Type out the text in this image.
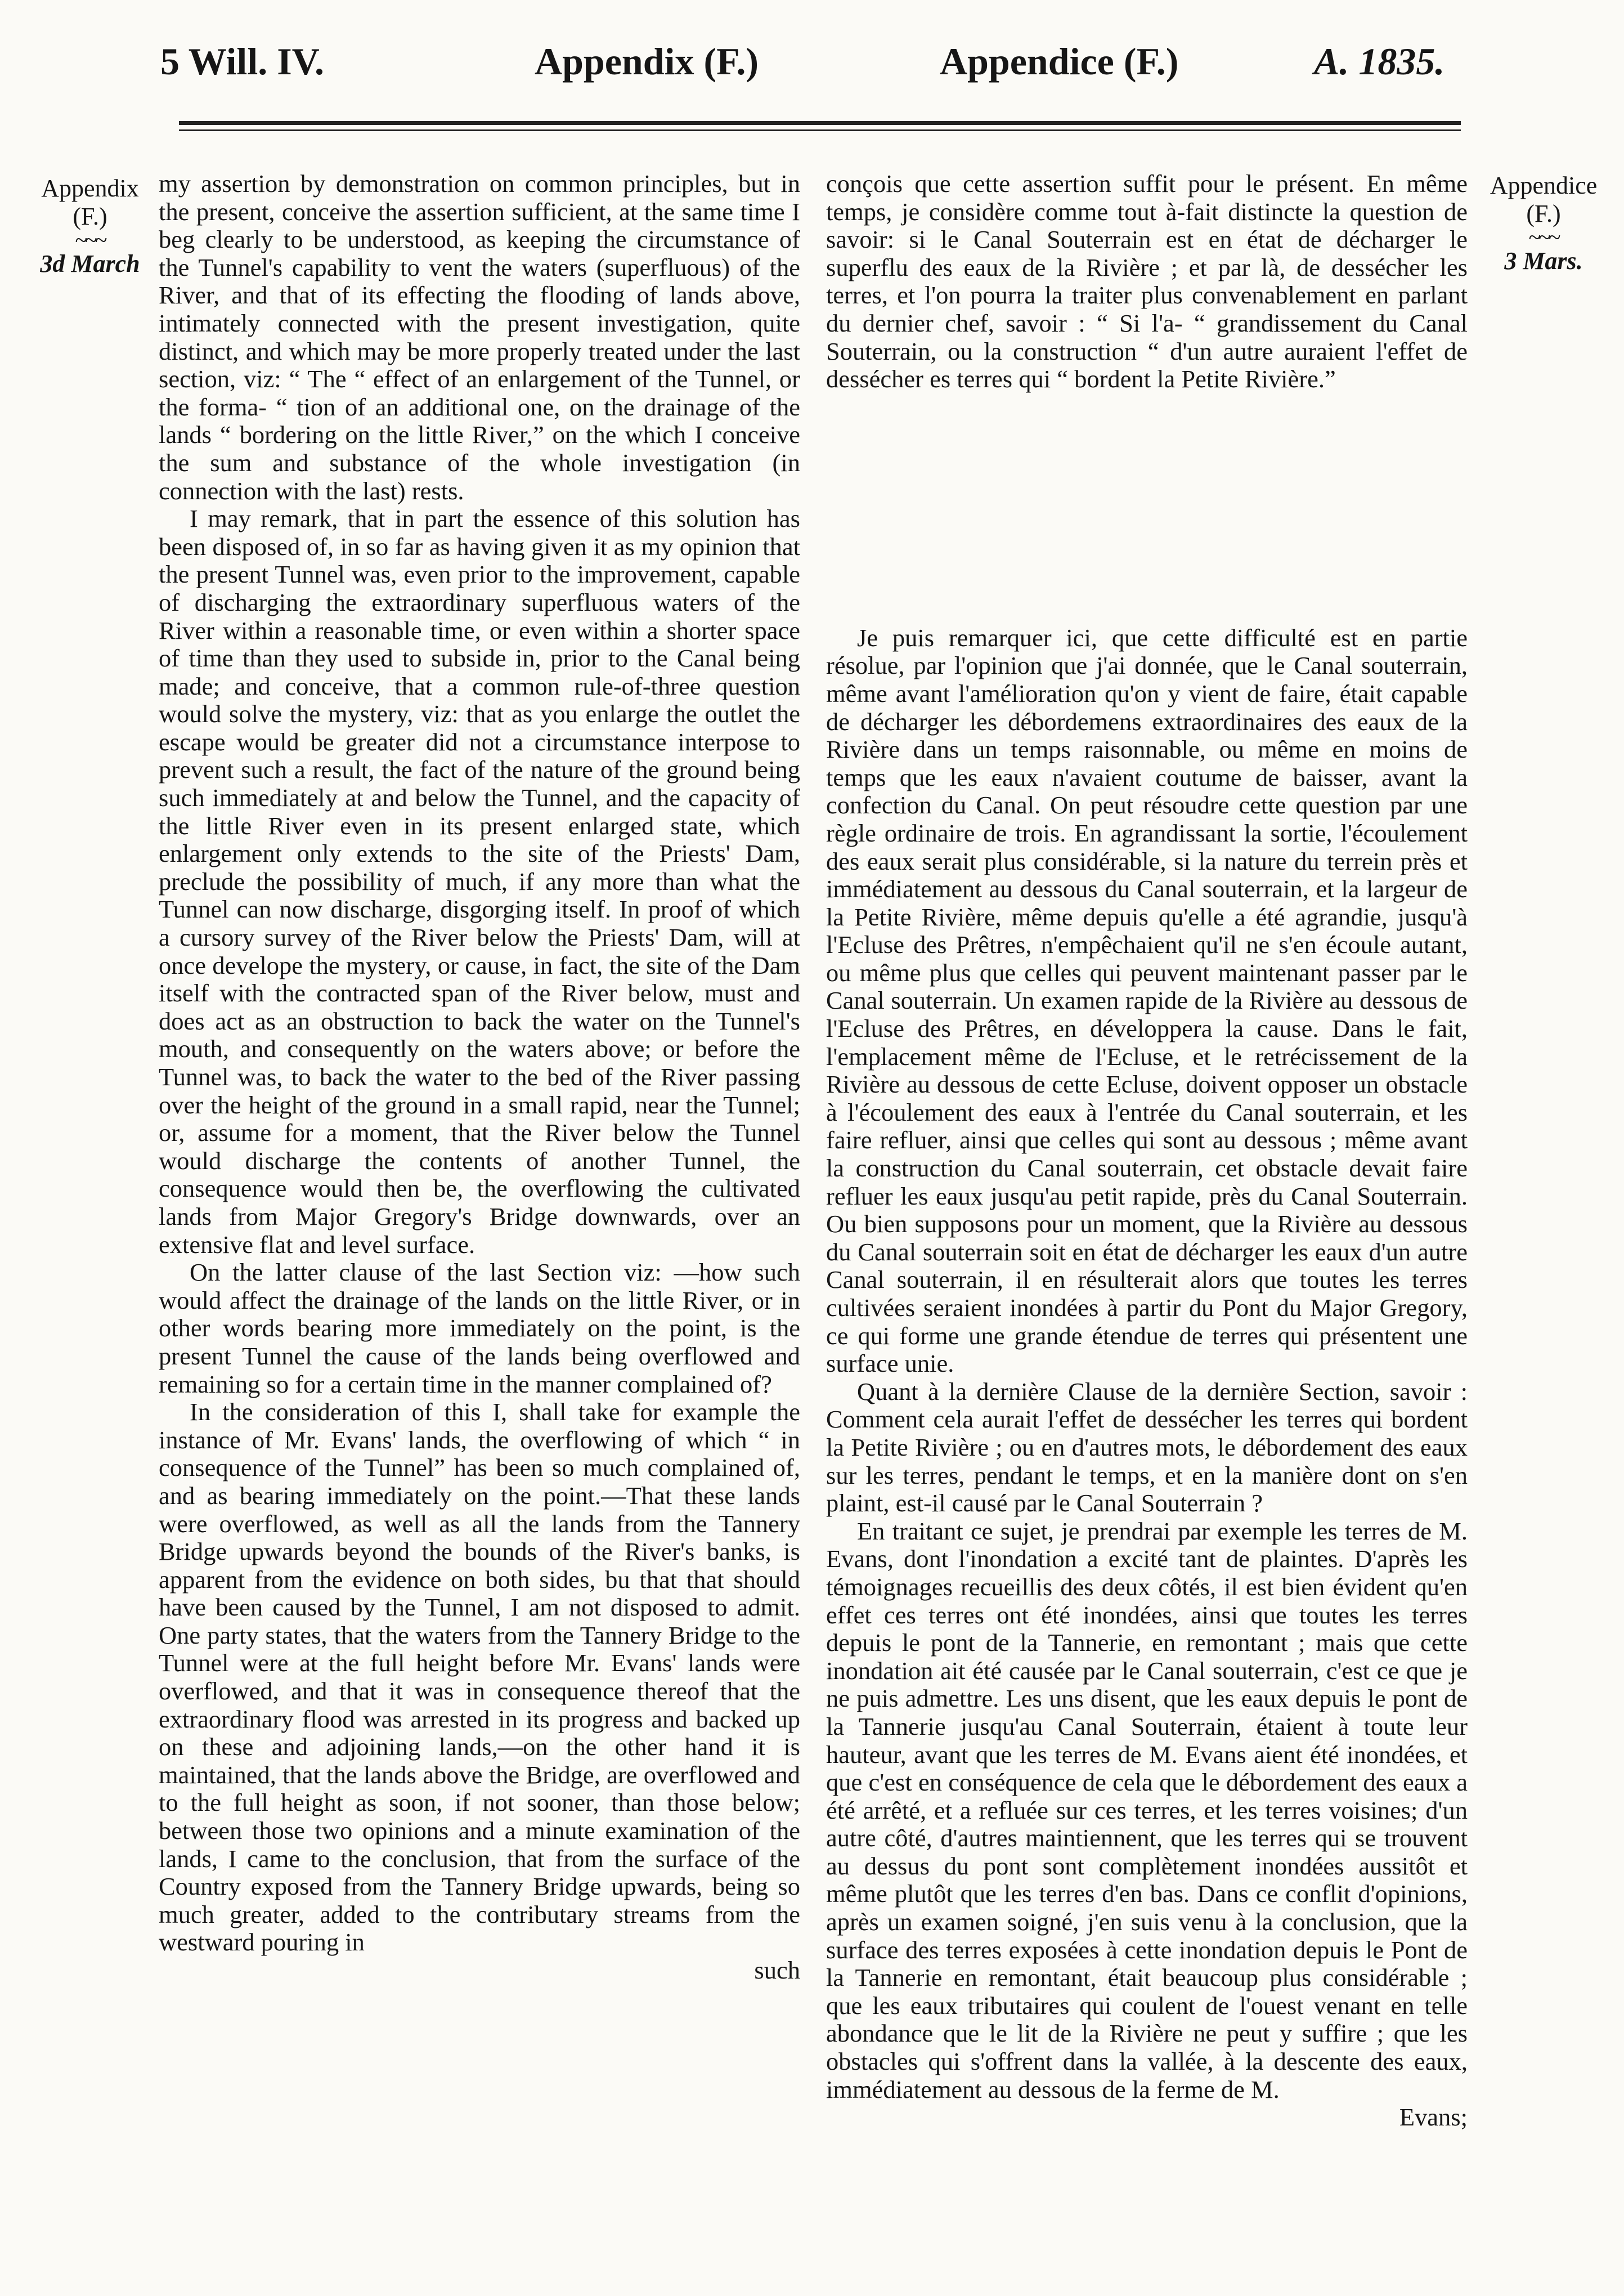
5 Will. IV.	Appendix (F.)	Appendice (F.)	A. 1835.
Appendix
(F.)
~~~
3d March
Appendice
(F.)
~~~
3 Mars.

my assertion by demonstration on common principles, but in the present, conceive the assertion sufficient, at the same time I beg clearly to be understood, as keeping the circumstance of the Tunnel's capability to vent the waters (superfluous) of the River, and that of its effecting the flooding of lands above, intimately connected with the present investigation, quite distinct, and which may be more properly treated under the last section, viz: “ The “ effect of an enlargement of the Tunnel, or the forma- “ tion of an additional one, on the drainage of the lands “ bordering on the little River,” on the which I conceive the sum and substance of the whole investigation (in connection with the last) rests.

I may remark, that in part the essence of this solution has been disposed of, in so far as having given it as my opinion that the present Tunnel was, even prior to the improvement, capable of discharging the extraordinary superfluous waters of the River within a reasonable time, or even within a shorter space of time than they used to subside in, prior to the Canal being made; and conceive, that a common rule-of-three question would solve the mystery, viz: that as you enlarge the outlet the escape would be greater did not a circumstance interpose to prevent such a result, the fact of the nature of the ground being such immediately at and below the Tunnel, and the capacity of the little River even in its present enlarged state, which enlargement only extends to the site of the Priests' Dam, preclude the possibility of much, if any more than what the Tunnel can now discharge, disgorging itself. In proof of which a cursory survey of the River below the Priests' Dam, will at once develope the mystery, or cause, in fact, the site of the Dam itself with the contracted span of the River below, must and does act as an obstruction to back the water on the Tunnel's mouth, and consequently on the waters above; or before the Tunnel was, to back the water to the bed of the River passing over the height of the ground in a small rapid, near the Tunnel; or, assume for a moment, that the River below the Tunnel would discharge the contents of another Tunnel, the consequence would then be, the overflowing the cultivated lands from Major Gregory's Bridge downwards, over an extensive flat and level surface.

On the latter clause of the last Section viz: —how such would affect the drainage of the lands on the little River, or in other words bearing more immediately on the point, is the present Tunnel the cause of the lands being overflowed and remaining so for a certain time in the manner complained of?

In the consideration of this I, shall take for example the instance of Mr. Evans' lands, the overflowing of which “ in consequence of the Tunnel” has been so much complained of, and as bearing immediately on the point.—That these lands were overflowed, as well as all the lands from the Tannery Bridge upwards beyond the bounds of the River's banks, is apparent from the evidence on both sides, bu that that should have been caused by the Tunnel, I am not disposed to admit. One party states, that the waters from the Tannery Bridge to the Tunnel were at the full height before Mr. Evans' lands were overflowed, and that it was in consequence thereof that the extraordinary flood was arrested in its progress and backed up on these and adjoining lands,—on the other hand it is maintained, that the lands above the Bridge, are overflowed and to the full height as soon, if not sooner, than those below; between those two opinions and a minute examination of the lands, I came to the conclusion, that from the surface of the Country exposed from the Tannery Bridge upwards, being so much greater, added to the contributary streams from the westward pouring in

such

conçois que cette assertion suffit pour le présent. En même temps, je considère comme tout à-fait distincte la question de savoir: si le Canal Souterrain est en état de décharger le superflu des eaux de la Rivière ; et par là, de dessécher les terres, et l'on pourra la traiter plus convenablement en parlant du dernier chef, savoir : “ Si l'a- “ grandissement du Canal Souterrain, ou la construction “ d'un autre auraient l'effet de dessécher es terres qui “ bordent la Petite Rivière.”

Je puis remarquer ici, que cette difficulté est en partie résolue, par l'opinion que j'ai donnée, que le Canal souterrain, même avant l'amélioration qu'on y vient de faire, était capable de décharger les débordemens extraordinaires des eaux de la Rivière dans un temps raisonnable, ou même en moins de temps que les eaux n'avaient coutume de baisser, avant la confection du Canal. On peut résoudre cette question par une règle ordinaire de trois. En agrandissant la sortie, l'écoulement des eaux serait plus considérable, si la nature du terrein près et immédiatement au dessous du Canal souterrain, et la largeur de la Petite Rivière, même depuis qu'elle a été agrandie, jusqu'à l'Ecluse des Prêtres, n'empêchaient qu'il ne s'en écoule autant, ou même plus que celles qui peuvent maintenant passer par le Canal souterrain. Un examen rapide de la Rivière au dessous de l'Ecluse des Prêtres, en développera la cause. Dans le fait, l'emplacement même de l'Ecluse, et le retrécissement de la Rivière au dessous de cette Ecluse, doivent opposer un obstacle à l'écoulement des eaux à l'entrée du Canal souterrain, et les faire refluer, ainsi que celles qui sont au dessous ; même avant la construction du Canal souterrain, cet obstacle devait faire refluer les eaux jusqu'au petit rapide, près du Canal Souterrain. Ou bien supposons pour un moment, que la Rivière au dessous du Canal souterrain soit en état de décharger les eaux d'un autre Canal souterrain, il en résulterait alors que toutes les terres cultivées seraient inondées à partir du Pont du Major Gregory, ce qui forme une grande étendue de terres qui présentent une surface unie.

Quant à la dernière Clause de la dernière Section, savoir : Comment cela aurait l'effet de dessécher les terres qui bordent la Petite Rivière ; ou en d'autres mots, le débordement des eaux sur les terres, pendant le temps, et en la manière dont on s'en plaint, est-il causé par le Canal Souterrain ?

En traitant ce sujet, je prendrai par exemple les terres de M. Evans, dont l'inondation a excité tant de plaintes. D'après les témoignages recueillis des deux côtés, il est bien évident qu'en effet ces terres ont été inondées, ainsi que toutes les terres depuis le pont de la Tannerie, en remontant ; mais que cette inondation ait été causée par le Canal souterrain, c'est ce que je ne puis admettre. Les uns disent, que les eaux depuis le pont de la Tannerie jusqu'au Canal Souterrain, étaient à toute leur hauteur, avant que les terres de M. Evans aient été inondées, et que c'est en conséquence de cela que le débordement des eaux a été arrêté, et a refluée sur ces terres, et les terres voisines; d'un autre côté, d'autres maintiennent, que les terres qui se trouvent au dessus du pont sont complètement inondées aussitôt et même plutôt que les terres d'en bas. Dans ce conflit d'opinions, après un examen soigné, j'en suis venu à la conclusion, que la surface des terres exposées à cette inondation depuis le Pont de la Tannerie en remontant, était beaucoup plus considérable ; que les eaux tributaires qui coulent de l'ouest venant en telle abondance que le lit de la Rivière ne peut y suffire ; que les obstacles qui s'offrent dans la vallée, à la descente des eaux, immédiatement au dessous de la ferme de M.

Evans;
